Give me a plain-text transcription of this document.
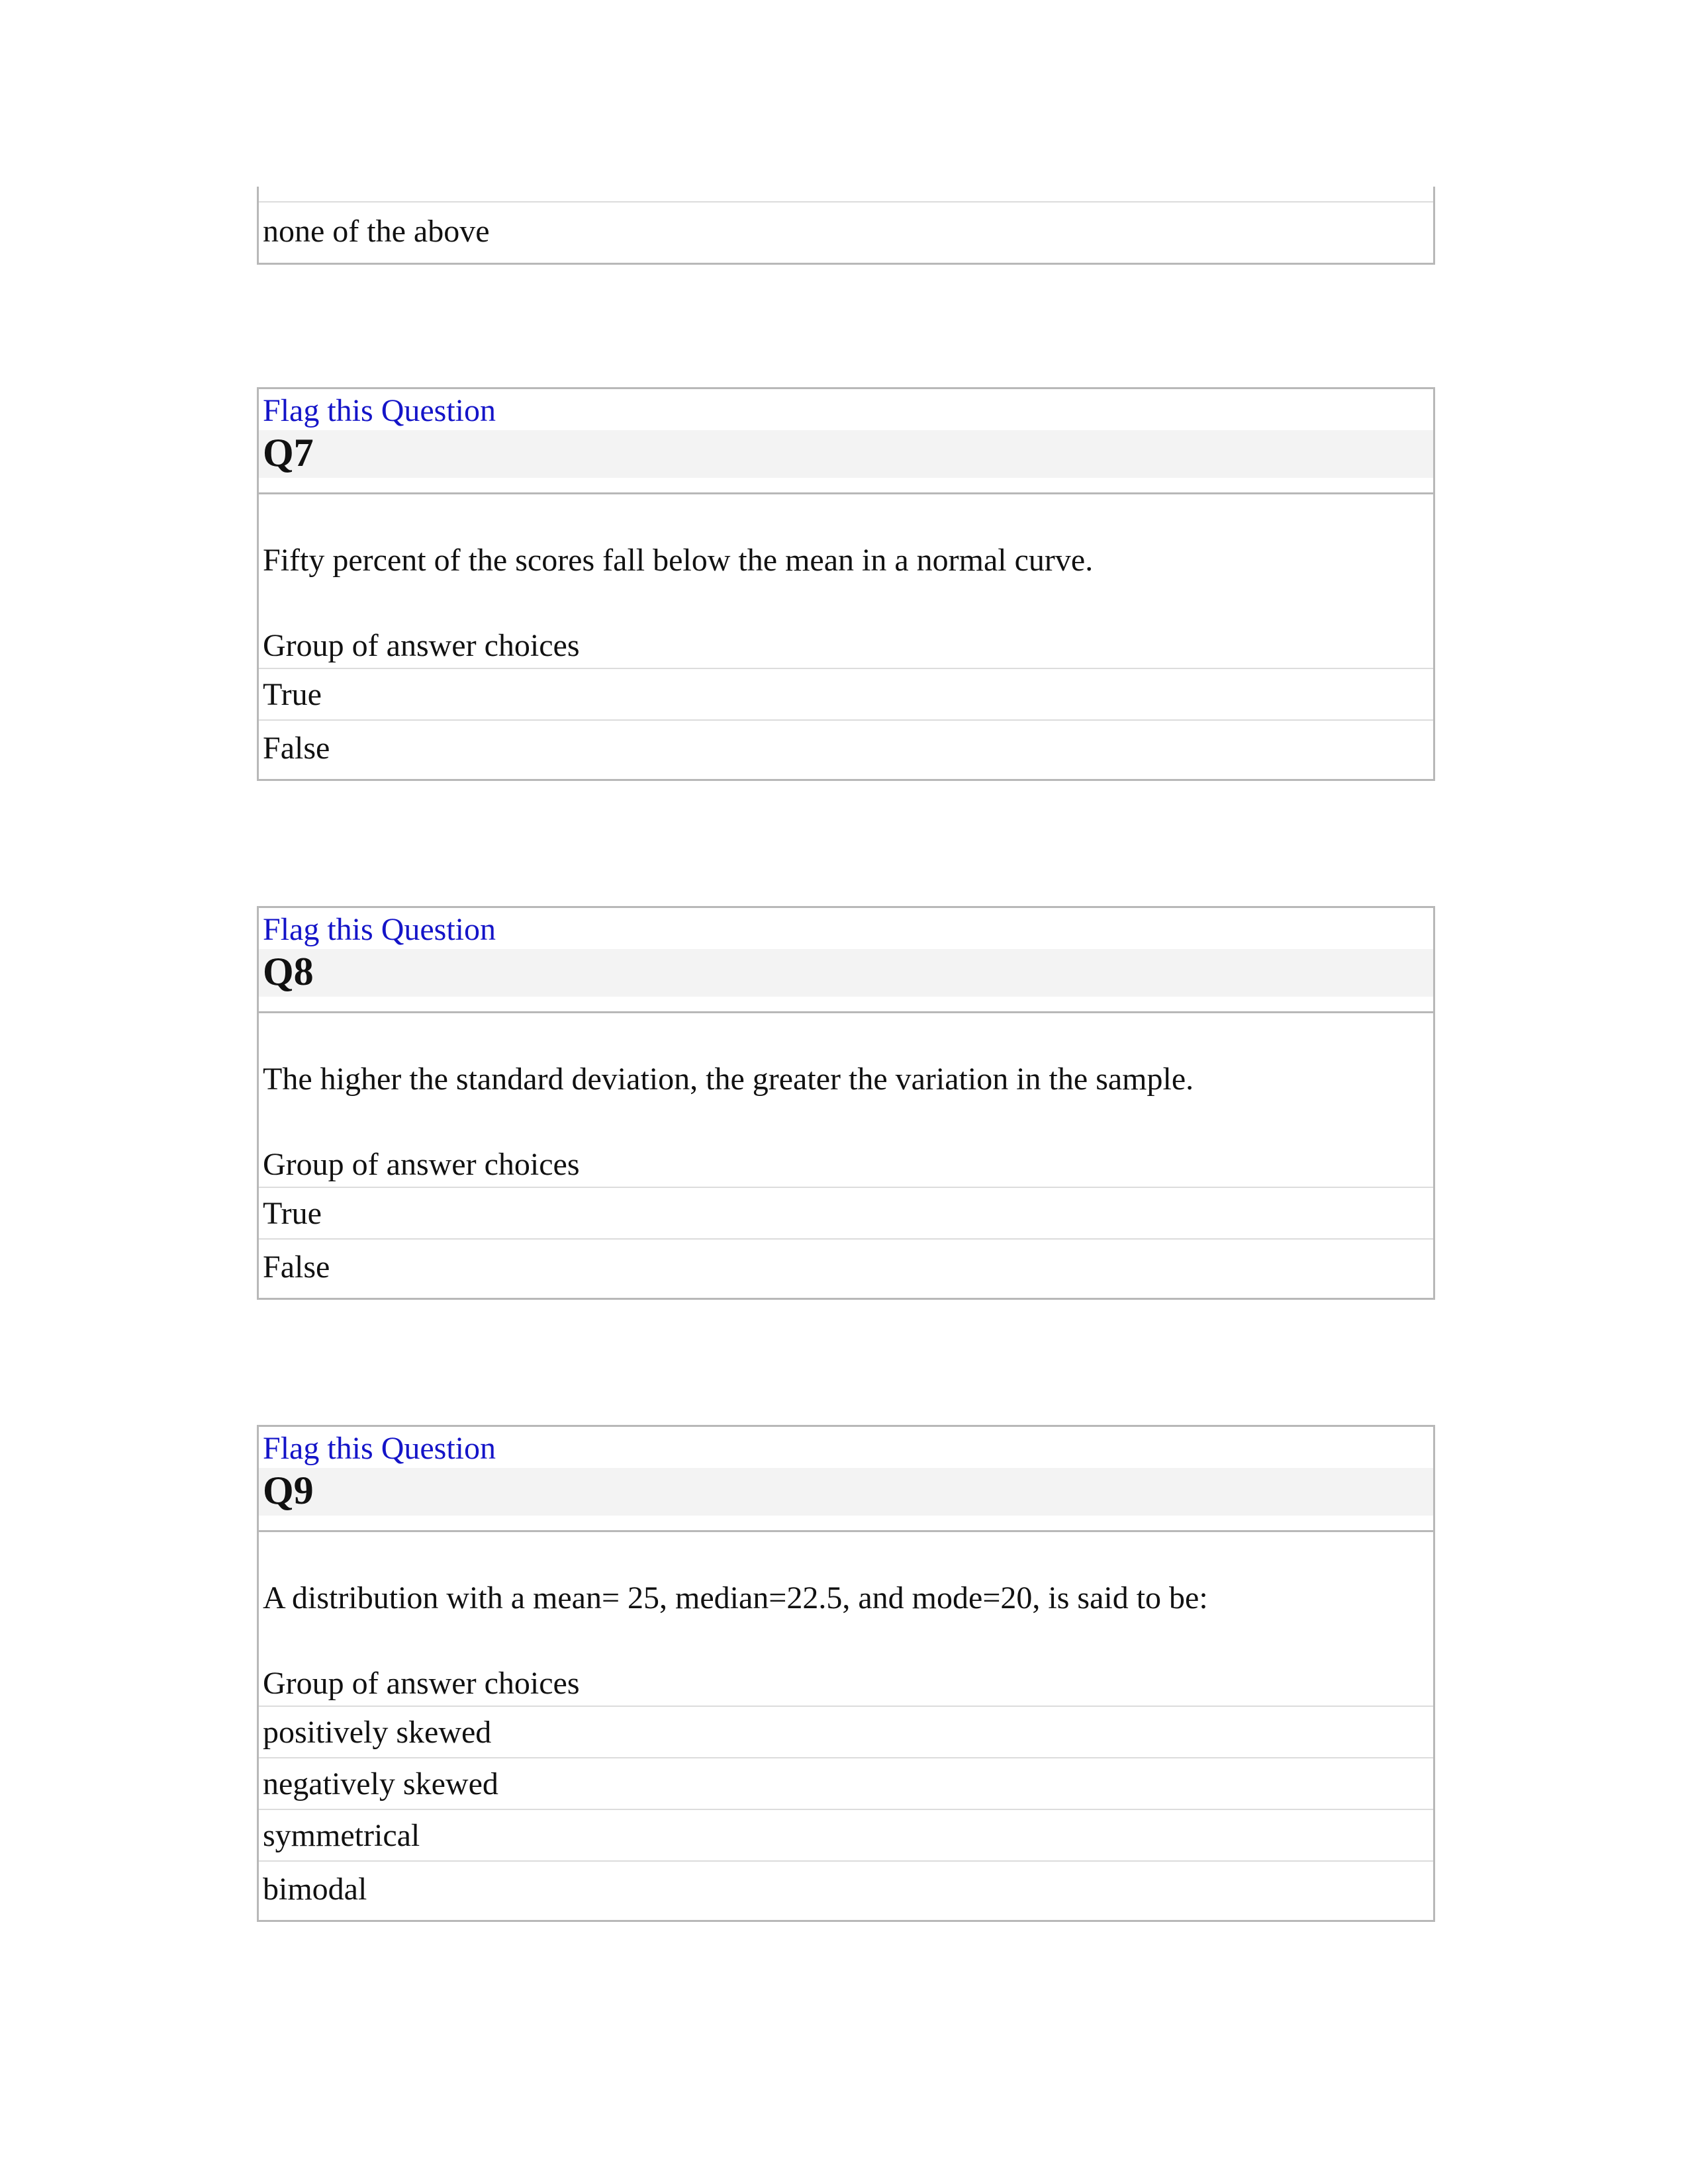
none of the above
Flag this Question
Q7
Fifty percent of the scores fall below the mean in a normal curve.
Group of answer choices
True
False
Flag this Question
Q8
The higher the standard deviation, the greater the variation in the sample.
Group of answer choices
True
False
Flag this Question
Q9
A distribution with a mean= 25, median=22.5, and mode=20, is said to be:
Group of answer choices
positively skewed
negatively skewed
symmetrical
bimodal
